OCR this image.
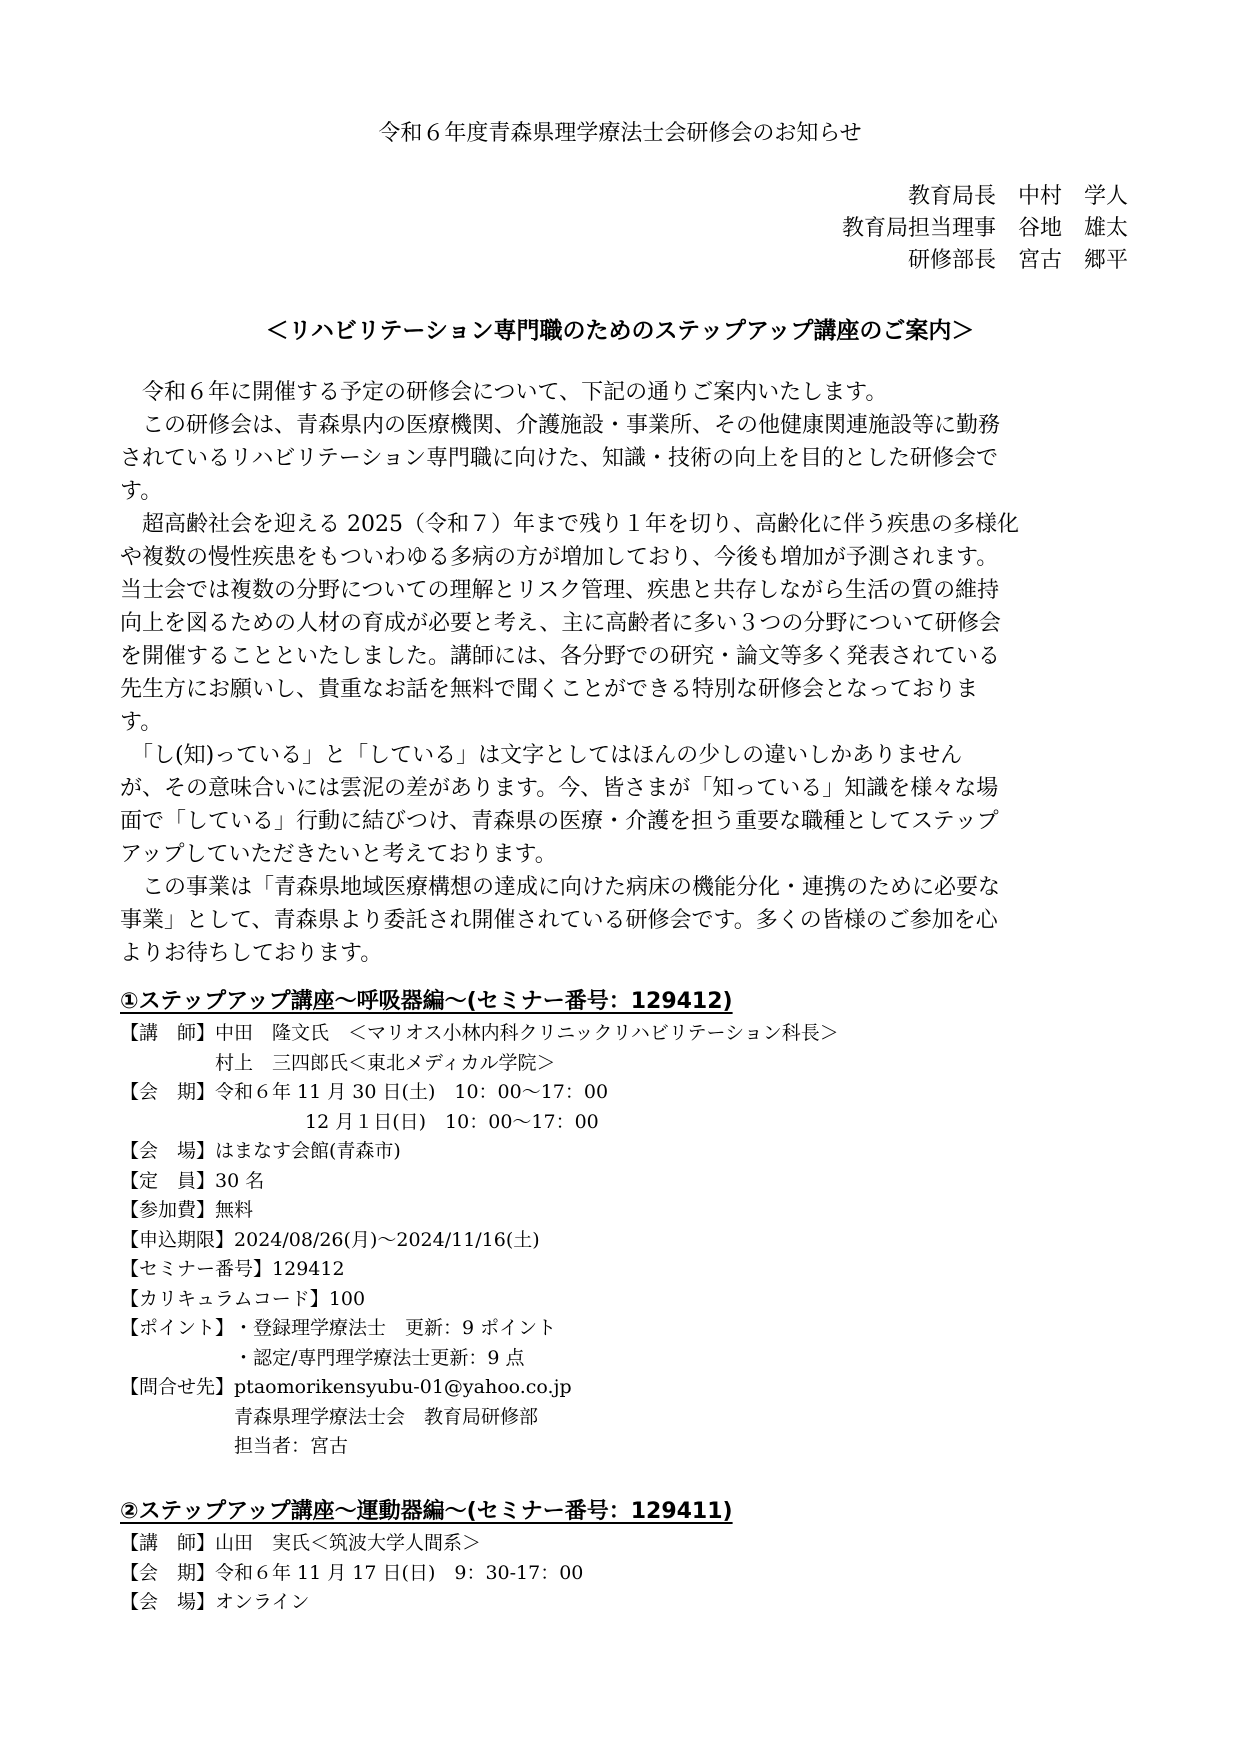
令和６年度青森県理学療法士会研修会のお知らせ
教育局長 中村　学人
教育局担当理事 谷地　雄太
研修部長 宮古　郷平
＜リハビリテーション専門職のためのステップアップ講座のご案内＞

　令和６年に開催する予定の研修会について、下記の通りご案内いたします。
　この研修会は、青森県内の医療機関、介護施設・事業所、その他健康関連施設等に勤務
されているリハビリテーション専門職に向けた、知識・技術の向上を目的とした研修会で
す。
　超高齢社会を迎える 2025（令和７）年まで残り１年を切り、高齢化に伴う疾患の多様化
や複数の慢性疾患をもついわゆる多病の方が増加しており、今後も増加が予測されます。
当士会では複数の分野についての理解とリスク管理、疾患と共存しながら生活の質の維持
向上を図るための人材の育成が必要と考え、主に高齢者に多い３つの分野について研修会
を開催することといたしました。講師には、各分野での研究・論文等多く発表されている
先生方にお願いし、貴重なお話を無料で聞くことができる特別な研修会となっておりま
す。
　「し(知)っている」と「している」は文字としてはほんの少しの違いしかありません
が、その意味合いには雲泥の差があります。今、皆さまが「知っている」知識を様々な場
面で「している」行動に結びつけ、青森県の医療・介護を担う重要な職種としてステップ
アップしていただきたいと考えております。
　この事業は「青森県地域医療構想の達成に向けた病床の機能分化・連携のために必要な
事業」として、青森県より委託され開催されている研修会です。多くの皆様のご参加を心
よりお待ちしております。

①ステップアップ講座～呼吸器編～(セミナー番号：129412)
【講　師】 中田　隆文氏　＜マリオス小林内科クリニックリハビリテーション科長＞
村上　三四郎氏＜東北メディカル学院＞
【会　期】 令和６年 11 月 30 日(土)　10：00～17：00
12 月１日(日)　10：00～17：00
【会　場】 はまなす会館(青森市)
【定　員】 30 名
【参加費】 無料
【申込期限】 2024/08/26(月)～2024/11/16(土)
【セミナー番号】 129412
【カリキュラムコード】 100
【ポイント】 ・登録理学療法士　更新：9 ポイント
・認定/専門理学療法士更新：9 点
【問合せ先】 ptaomorikensyubu-01@yahoo.co.jp
青森県理学療法士会　教育局研修部
担当者：宮古
②ステップアップ講座～運動器編～(セミナー番号：129411)
【講　師】 山田　実氏＜筑波大学人間系＞
【会　期】 令和６年 11 月 17 日(日)　9：30-17：00
【会　場】 オンライン
